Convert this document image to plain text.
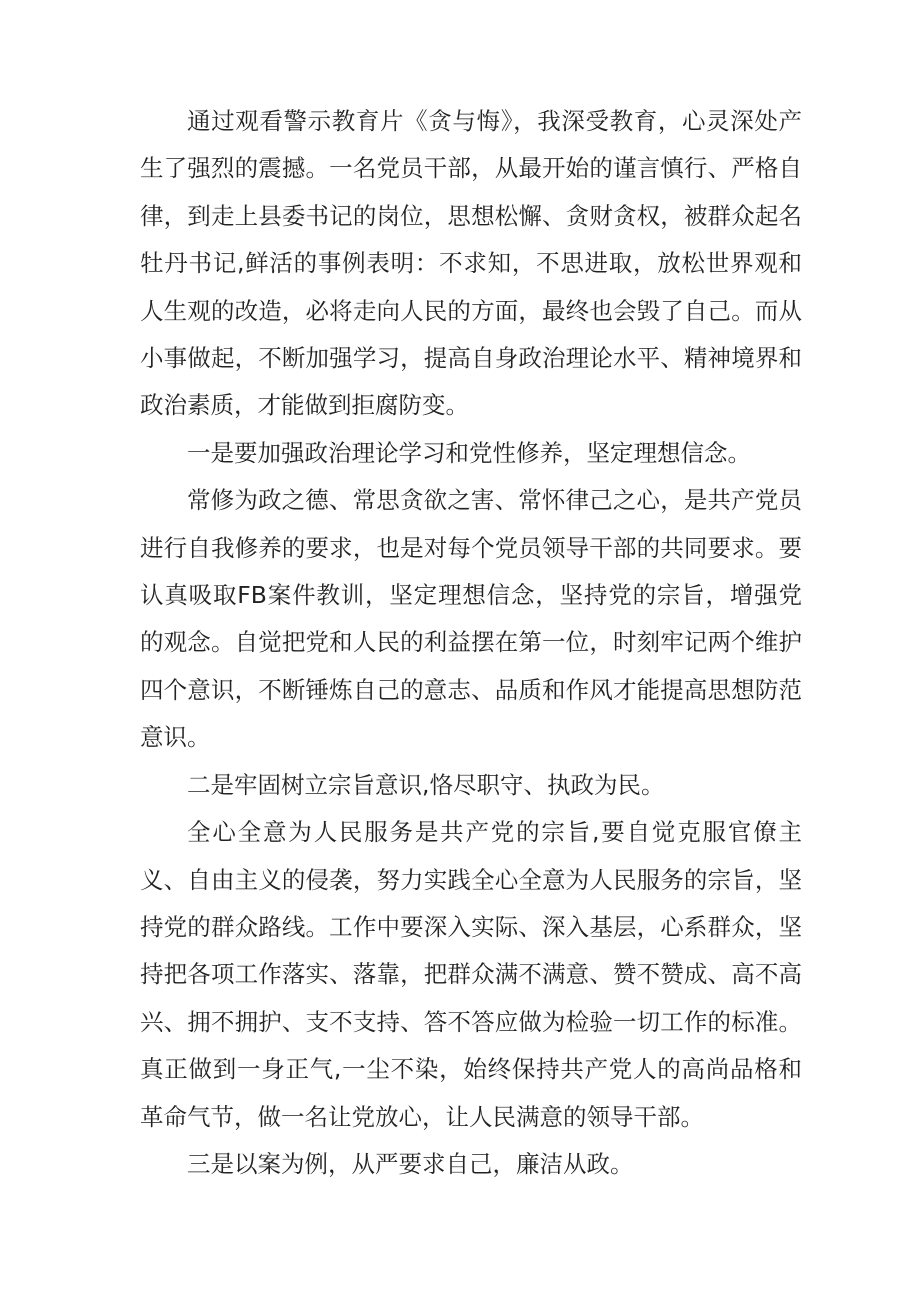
通过观看警示教育片《贪与悔》，我深受教育，心灵深处产生了强烈的震撼。一名党员干部，从最开始的谨言慎行、严格自律，到走上县委书记的岗位，思想松懈、贪财贪权，被群众起名牡丹书记,鲜活的事例表明：不求知，不思进取，放松世界观和人生观的改造，必将走向人民的方面，最终也会毁了自己。而从小事做起，不断加强学习，提高自身政治理论水平、精神境界和政治素质，才能做到拒腐防变。

一是要加强政治理论学习和党性修养，坚定理想信念。

常修为政之德、常思贪欲之害、常怀律己之心，是共产党员进行自我修养的要求，也是对每个党员领导干部的共同要求。要认真吸取FB案件教训，坚定理想信念，坚持党的宗旨，增强党的观念。自觉把党和人民的利益摆在第一位，时刻牢记两个维护四个意识，不断锤炼自己的意志、品质和作风才能提高思想防范意识。

二是牢固树立宗旨意识,恪尽职守、执政为民。

全心全意为人民服务是共产党的宗旨,要自觉克服官僚主义、自由主义的侵袭，努力实践全心全意为人民服务的宗旨，坚持党的群众路线。工作中要深入实际、深入基层，心系群众，坚持把各项工作落实、落靠，把群众满不满意、赞不赞成、高不高兴、拥不拥护、支不支持、答不答应做为检验一切工作的标准。真正做到一身正气,一尘不染，始终保持共产党人的高尚品格和革命气节，做一名让党放心，让人民满意的领导干部。

三是以案为例，从严要求自己，廉洁从政。
